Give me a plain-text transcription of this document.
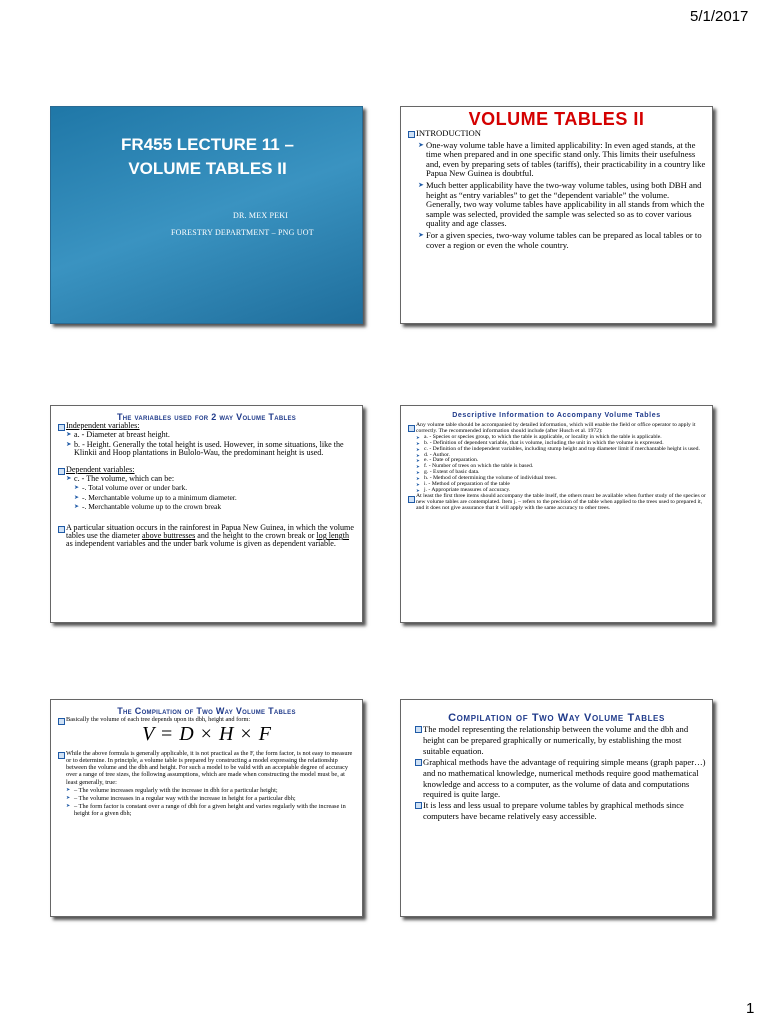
5/1/2017
FR455 LECTURE 11 –
VOLUME TABLES II
DR. MEX PEKI
FORESTRY DEPARTMENT – PNG UOT
VOLUME TABLES II
INTRODUCTION
➤ One-way volume table have a limited applicability: In even aged stands, at the time when prepared and in one specific stand only. This limits their usefulness and, even by preparing sets of tables (tariffs), their practicability in a country like Papua New Guinea is doubtful.
➤ Much better applicability have the two-way volume tables, using both DBH and height as “entry variables” to get the “dependent variable” the volume. Generally, two way volume tables have applicability in all stands from which the sample was selected, provided the sample was selected so as to cover various quality and age classes.
➤ For a given species, two-way volume tables can be prepared as local tables or to cover a region or even the whole country.
The variables used for 2 way Volume Tables
Independent variables:
➤ a. - Diameter at breast height.
➤ b. - Height. Generally the total height is used. However, in some situations, like the Klinkii and Hoop plantations in Bulolo-Wau, the predominant height is used.
Dependent variables:
➤ c. - The volume, which can be:
➤ -. Total volume over or under bark.
➤ -. Merchantable volume up to a minimum diameter.
➤ -. Merchantable volume up to the crown break
A particular situation occurs in the rainforest in Papua New Guinea, in which the volume tables use the diameter above buttresses and the height to the crown break or log length as independent variables and the under bark volume is given as dependent variable.
Descriptive Information to Accompany Volume Tables
Any volume table should be accompanied by detailed information, which will enable the field or office operator to apply it correctly. The recommended information should include (after Husch et al. 1972):
➤ a. - Species or species group, to which the table is applicable, or locality in which the table is applicable.
➤ b. - Definition of dependent variable, that is volume, including the unit in which the volume is expressed.
➤ c. - Definition of the independent variables, including stump height and top diameter limit if merchantable height is used.
➤ d. - Author.
➤ e. - Date of preparation.
➤ f. - Number of trees on which the table is based.
➤ g. - Extent of basic data.
➤ h. - Method of determining the volume of individual trees.
➤ i. - Method of preparation of the table
➤ j. - Appropriate measures of accuracy.
At least the first three items should accompany the table itself, the others must be available when further study of the species or new volume tables are contemplated. Item j. – refers to the precision of the table when applied to the trees used to prepared it, and it does not give assurance that it will apply with the same accuracy to other trees.
The Compilation of Two Way Volume Tables
Basically the volume of each tree depends upon its dbh, height and form:
V = D × H × F
While the above formula is generally applicable, it is not practical as the F, the form factor, is not easy to measure or to determine. In principle, a volume table is prepared by constructing a model expressing the relationship between the volume and the dbh and height. For such a model to be valid with an acceptable degree of accuracy over a range of tree sizes, the following assumptions, which are made when constructing the model must be, at least generally, true:
➤ – The volume increases regularly with the increase in dbh for a particular height;
➤ – The volume increases in a regular way with the increase in height for a particular dbh;
➤ – The form factor is constant over a range of dbh for a given height and varies regularly with the increase in height for a given dbh;
Compilation of Two Way Volume Tables
The model representing the relationship between the volume and the dbh and height can be prepared graphically or numerically, by establishing the most suitable equation.
Graphical methods have the advantage of requiring simple means (graph paper…) and no mathematical knowledge, numerical methods require good mathematical knowledge and access to a computer, as the volume of data and computations required is quite large.
It is less and less usual to prepare volume tables by graphical methods since computers have became relatively easy accessible.
1
